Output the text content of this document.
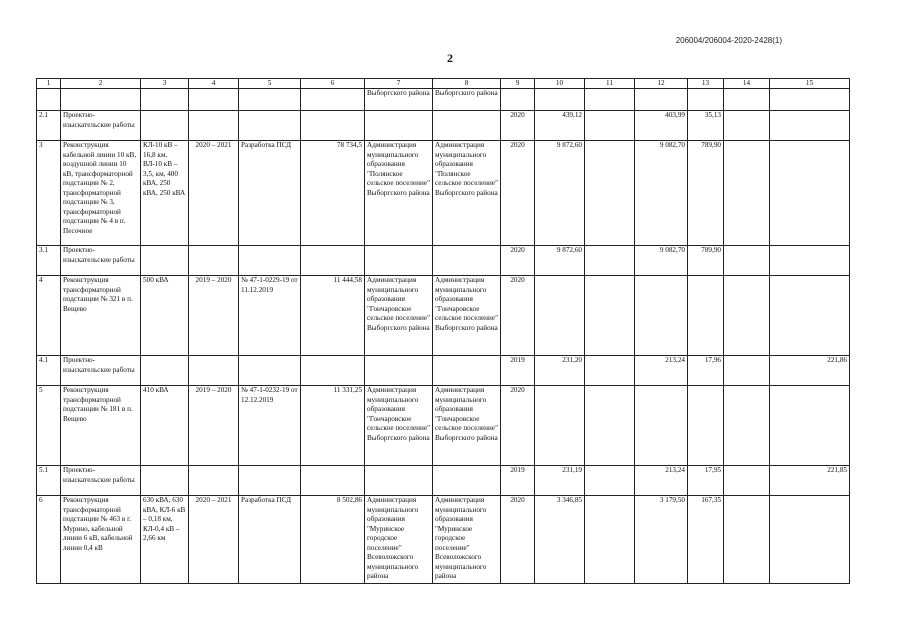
206004/206004-2020-2428(1)
2
1	2	3	4	5	6	7	8	9	10	11	12	13	14	15
						Выборгского района	Выборгского района							
2.1	Проектно-изыскательские работы							2020	439,12		403,99	35,13		
3	Реконструкция кабельной линии 10 кВ, воздушной линии 10 кВ, трансформаторной подстанции № 2, трансформаторной подстанции № 3, трансформаторной подстанции № 4 в п. Песочное	КЛ-10 кВ – 16,8 км, ВЛ-10 кВ – 3,5, км, 400 кВА, 250 кВА, 250 кВА	2020 – 2021	Разработка ПСД	78 734,5	Администрация муниципального образования "Полянское сельское поселение" Выборгского района	Администрация муниципального образования "Полянское сельское поселение" Выборгского района	2020	9 872,60		9 082,70	789,90		
3.1	Проектно-изыскательские работы							2020	9 872,60		9 082,70	789,90		
4	Реконструкция трансформаторной подстанции № 321 в п. Вещево	500 кВА	2019 – 2020	№ 47-1-0229-19 от 11.12.2019	11 444,58	Администрация муниципального образования "Гончаровское сельское поселение" Выборгского района	Администрация муниципального образования "Гончаровское сельское поселение" Выборгского района	2020						
4.1	Проектно-изыскательские работы							2019	231,20		213,24	17,96		221,86
5	Реконструкция трансформаторной подстанции № 181 в п. Вещево	410 кВА	2019 – 2020	№ 47-1-0232-19 от 12.12.2019	11 331,25	Администрация муниципального образования "Гончаровское сельское поселение" Выборгского района	Администрация муниципального образования "Гончаровское сельское поселение" Выборгского района	2020						
5.1	Проектно-изыскательские работы							2019	231,19		213,24	17,95		221,85
6	Реконструкция трансформаторной подстанции № 463 в г. Мурино, кабельной линии 6 кВ, кабельной линии 0,4 кВ	630 кВА, 630 кВА, КЛ-6 кВ – 0,18 км, КЛ-0,4 кВ – 2,66 км	2020 – 2021	Разработка ПСД	8 502,86	Администрация муниципального образования "Муринское городское поселение" Всеволожского муниципального района	Администрация муниципального образования "Муринское городское поселение" Всеволожского муниципального района	2020	3 346,85		3 179,50	167,35		
